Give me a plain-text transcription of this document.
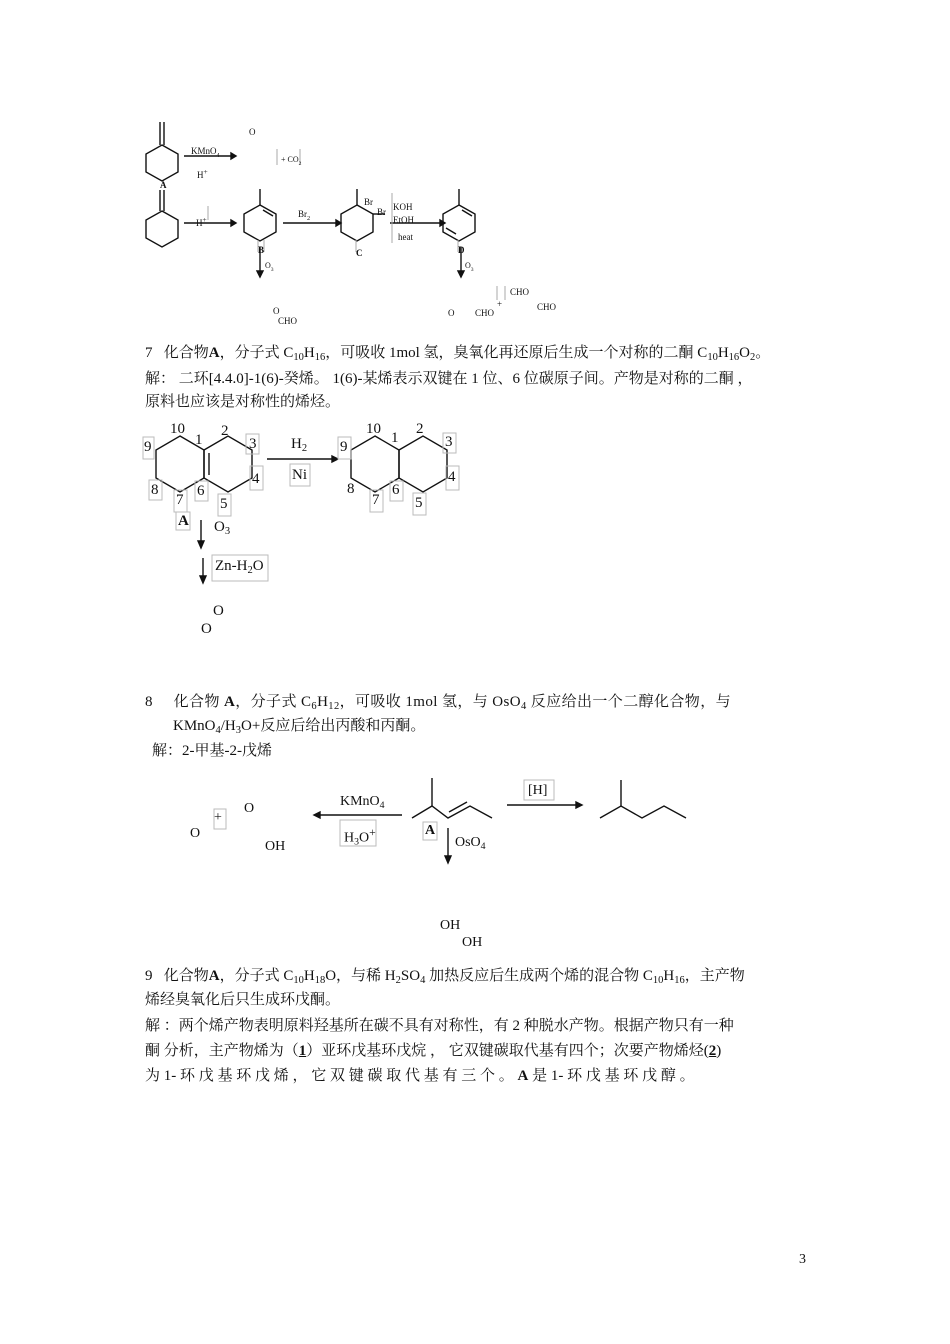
O
KMnO$_4$
H+
+ $CO_2$
A
H+
$Br_2$
Br
Br KOH
EtOH
heat
B	C	D
$O_3$	$O_3$
O
CHO
CHO
+	CHO
O CHO
7 化合物A，分子式 $C_{10}H_{16}$，可吸收 1mol 氢，臭氧化再还原后生成一个对称的二酮 $C_{10}H_{16}O_2$。
解： 二环[4.4.0]-1(6)-癸烯。 1(6)-某烯表示双键在 1 位、6 位碳原子间。产物是对称的二酮 ，
原料也应该是对称性的烯烃。
10
1
2
3
4
5
6
7
8
9
10
1
2
3
4
5
6
7
8
9
$H_2$
Ni
A $O_3$
$Zn-H_2O$
O
O
8 化合物 A，分子式 $C_6H_{12}$，可吸收 1mol 氢，与 OsO$_4$ 反应给出一个二醇化合物，与
$KMnO_4/H_3O+$反应后给出丙酸和丙酮。
解：2-甲基-2-戊烯
O
+
O
OH
KMnO$_4$
$H_3O^+$	A
[H]
OsO$_4$
OH
OH
9 化合物A，分子式 $C_{10}H_{18}O$，与稀 $H_2SO_4$ 加热反应后生成两个烯的混合物 $C_{10}H_{16}$，主产物
烯经臭氧化后只生成环戊酮。
解 ：两个烯产物表明原料羟基所在碳不具有对称性，有 2 种脱水产物。根据产物只有一种
酮 分析，主产物烯为（1）亚环戊基环戊烷 ， 它双键碳取代基有四个；次要产物烯烃(2)
为 1- 环 戊 基 环 戊 烯 ， 它 双 键 碳 取 代 基 有 三 个 。 A 是 1- 环 戊 基 环 戊 醇 。
3
